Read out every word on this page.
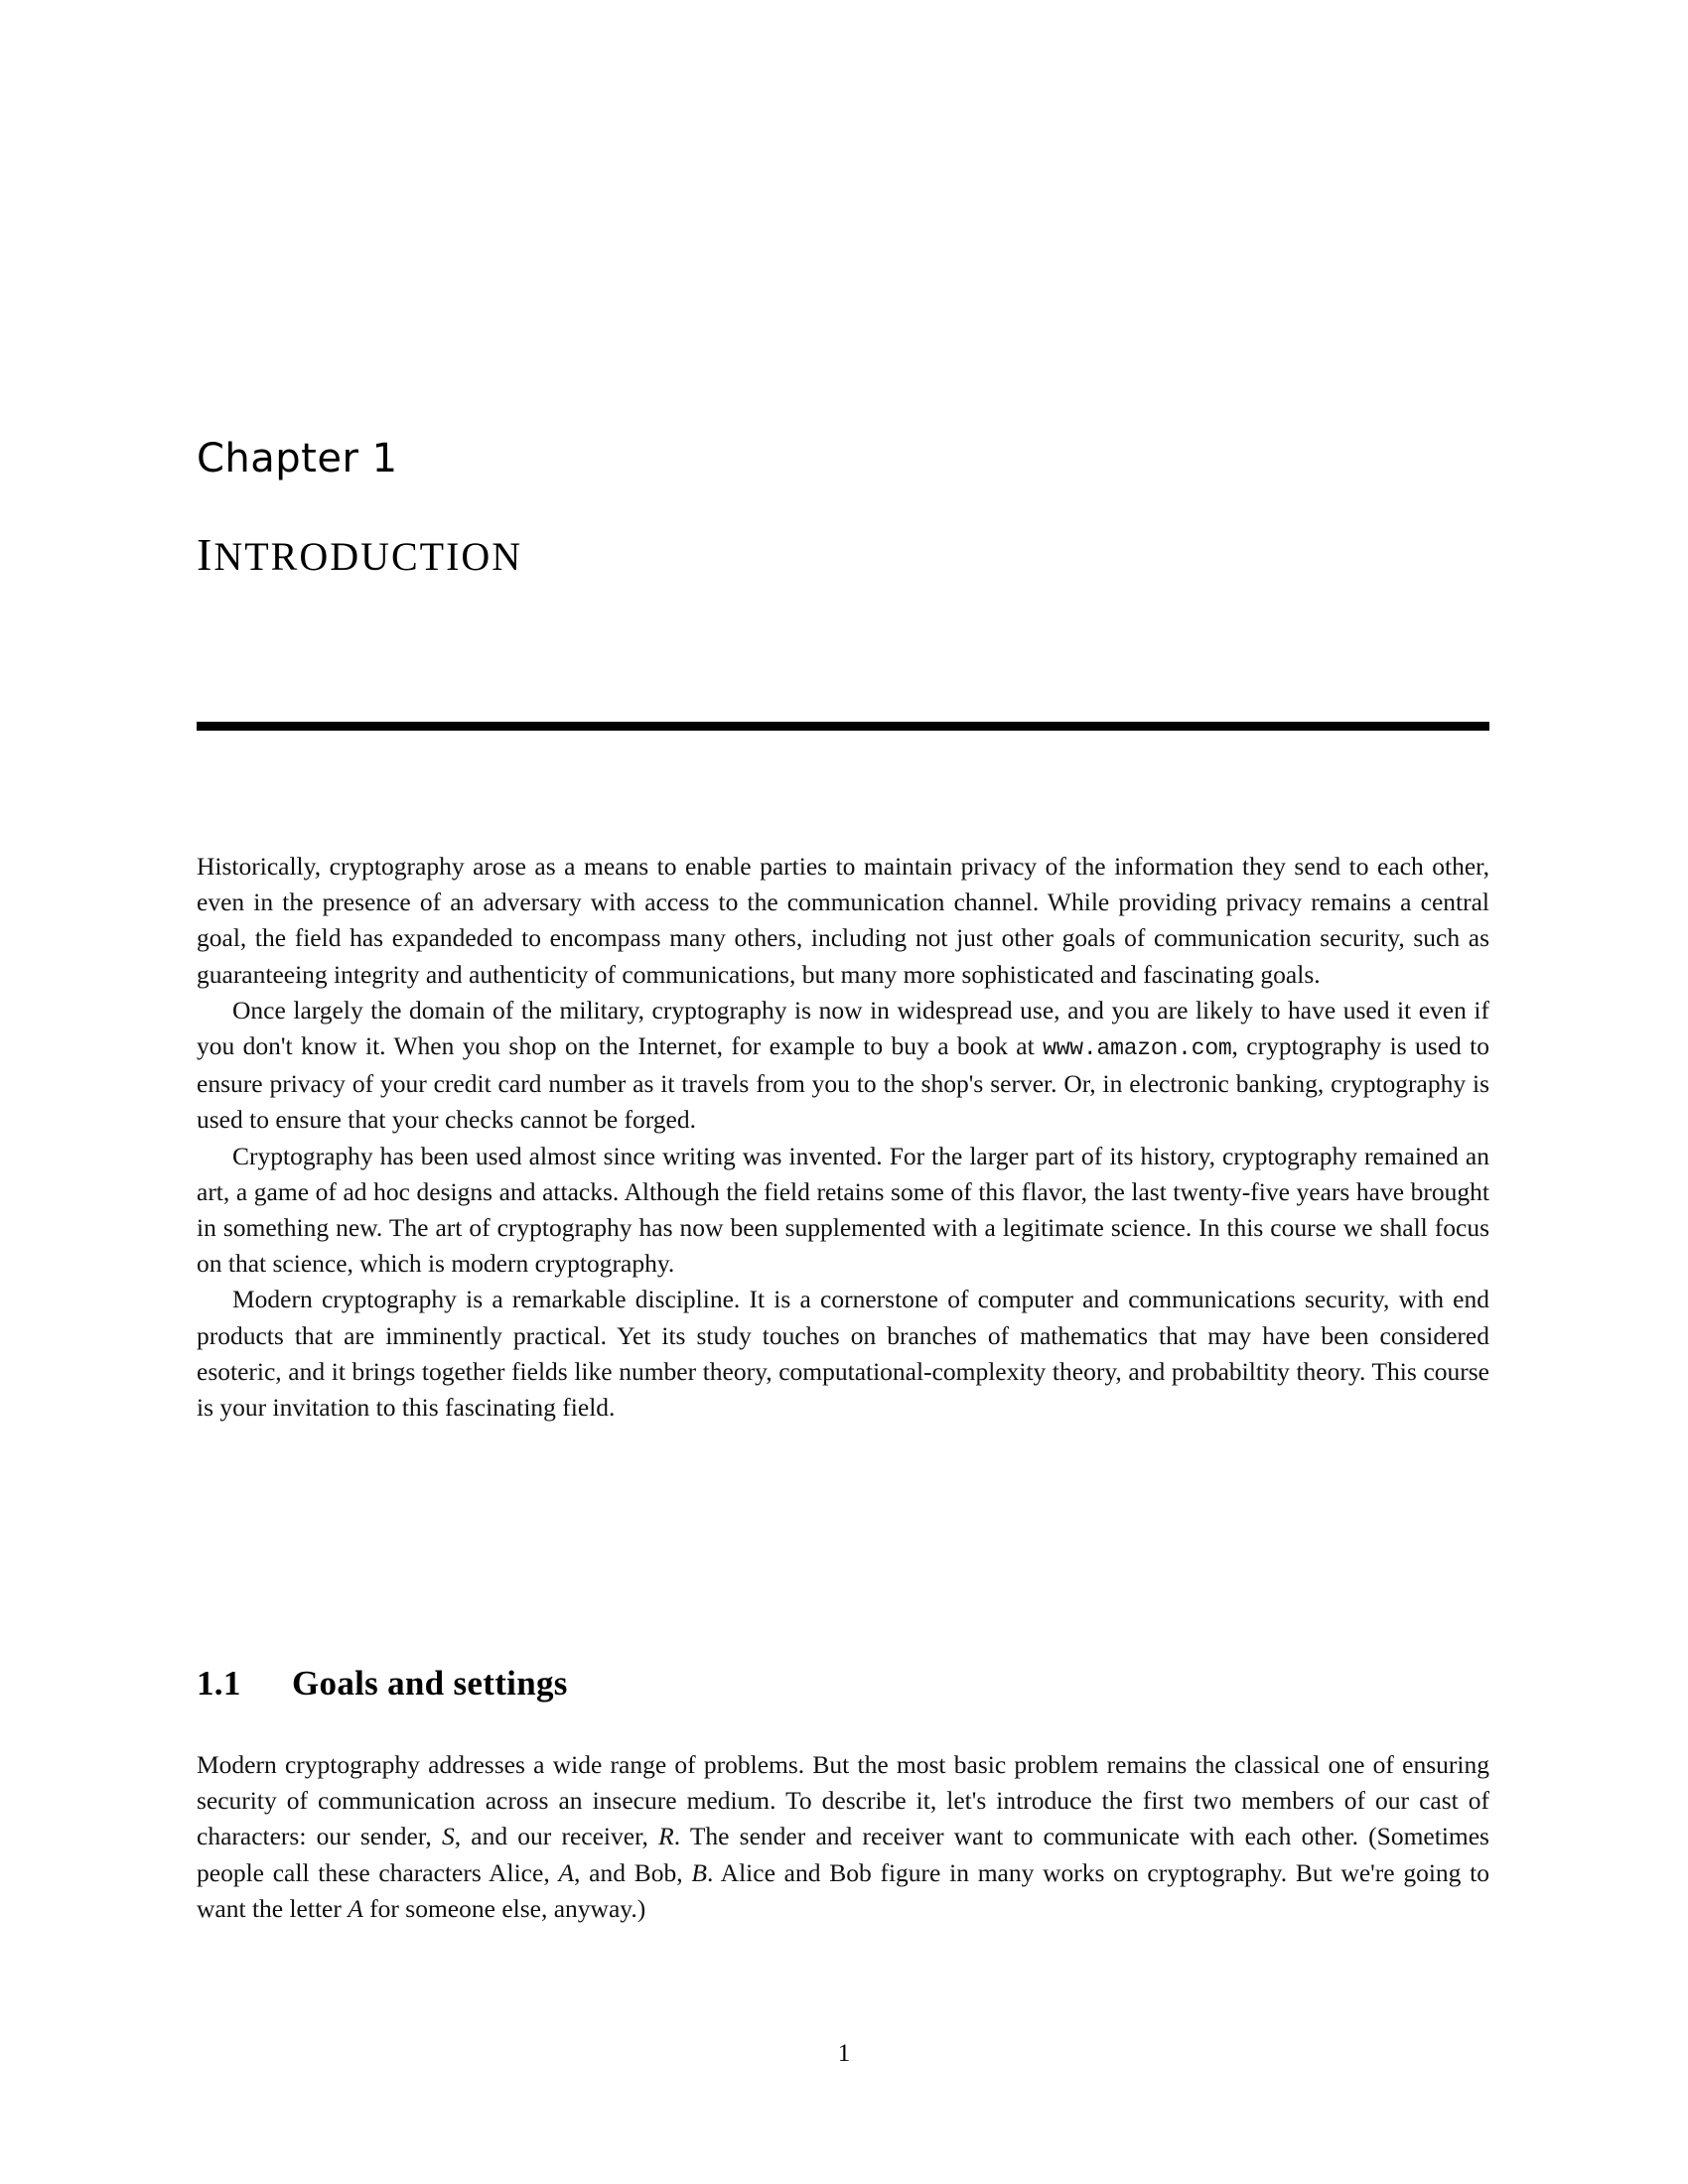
Chapter 1
INTRODUCTION

Historically, cryptography arose as a means to enable parties to maintain privacy of the information they send to each other, even in the presence of an adversary with access to the communication channel. While providing privacy remains a central goal, the field has expandeded to encompass many others, including not just other goals of communication security, such as guaranteeing integrity and authenticity of communications, but many more sophisticated and fascinating goals.

Once largely the domain of the military, cryptography is now in widespread use, and you are likely to have used it even if you don't know it. When you shop on the Internet, for example to buy a book at www.amazon.com, cryptography is used to ensure privacy of your credit card number as it travels from you to the shop's server. Or, in electronic banking, cryptography is used to ensure that your checks cannot be forged.

Cryptography has been used almost since writing was invented. For the larger part of its history, cryptography remained an art, a game of ad hoc designs and attacks. Although the field retains some of this flavor, the last twenty-five years have brought in something new. The art of cryptography has now been supplemented with a legitimate science. In this course we shall focus on that science, which is modern cryptography.

Modern cryptography is a remarkable discipline. It is a cornerstone of computer and communications security, with end products that are imminently practical. Yet its study touches on branches of mathematics that may have been considered esoteric, and it brings together fields like number theory, computational-complexity theory, and probabiltity theory. This course is your invitation to this fascinating field.

1.1 Goals and settings

Modern cryptography addresses a wide range of problems. But the most basic problem remains the classical one of ensuring security of communication across an insecure medium. To describe it, let's introduce the first two members of our cast of characters: our sender, S, and our receiver, R. The sender and receiver want to communicate with each other. (Sometimes people call these characters Alice, A, and Bob, B. Alice and Bob figure in many works on cryptography. But we're going to want the letter A for someone else, anyway.)

1
